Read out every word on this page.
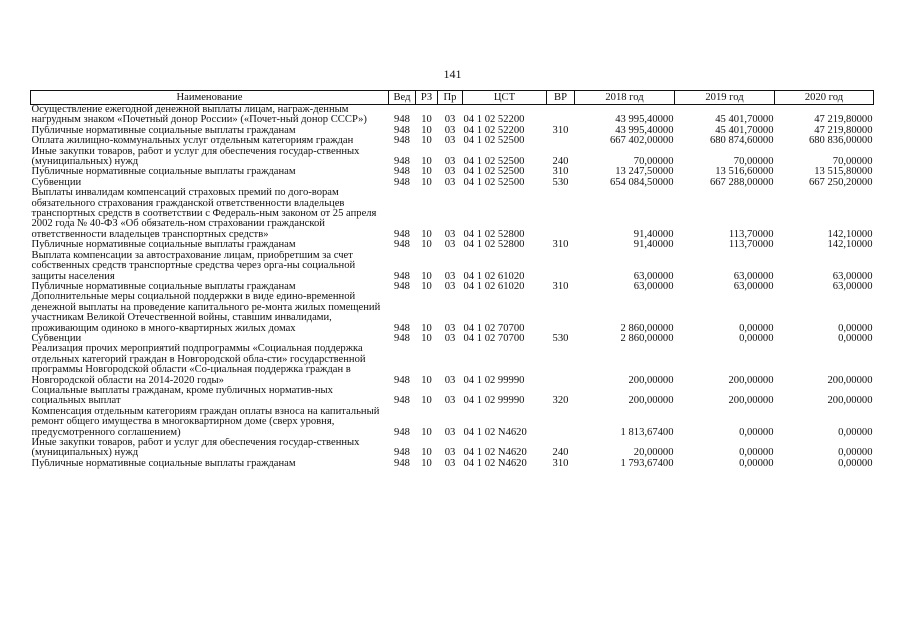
141
Наименование	Вед	РЗ	Пр	ЦСТ	ВР	2018 год	2019 год	2020 год
Осуществление ежегодной денежной выплаты лицам, награж-денным нагрудным знаком «Почетный донор России» («Почет-ный донор СССР»)	948	10	03	04 1 02 52200		43 995,40000	45 401,70000	47 219,80000
Публичные нормативные социальные выплаты гражданам	948	10	03	04 1 02 52200	310	43 995,40000	45 401,70000	47 219,80000
Оплата жилищно-коммунальных услуг отдельным категориям граждан	948	10	03	04 1 02 52500		667 402,00000	680 874,60000	680 836,00000
Иные закупки товаров, работ и услуг для обеспечения государ-ственных (муниципальных) нужд	948	10	03	04 1 02 52500	240	70,00000	70,00000	70,00000
Публичные нормативные социальные выплаты гражданам	948	10	03	04 1 02 52500	310	13 247,50000	13 516,60000	13 515,80000
Субвенции	948	10	03	04 1 02 52500	530	654 084,50000	667 288,00000	667 250,20000
Выплаты инвалидам компенсаций страховых премий по дого-ворам обязательного страхования гражданской ответственности владельцев транспортных средств в соответствии с Федераль-ным законом от 25 апреля 2002 года № 40-ФЗ «Об обязатель-ном страховании гражданской ответственности владельцев транспортных средств»	948	10	03	04 1 02 52800		91,40000	113,70000	142,10000
Публичные нормативные социальные выплаты гражданам	948	10	03	04 1 02 52800	310	91,40000	113,70000	142,10000
Выплата компенсации за автострахование лицам, приобретшим за счет собственных средств транспортные средства через орга-ны социальной защиты населения	948	10	03	04 1 02 61020		63,00000	63,00000	63,00000
Публичные нормативные социальные выплаты гражданам	948	10	03	04 1 02 61020	310	63,00000	63,00000	63,00000
Дополнительные меры социальной поддержки в виде едино-временной денежной выплаты на проведение капитального ре-монта жилых помещений участникам Великой Отечественной войны, ставшим инвалидами, проживающим одиноко в много-квартирных жилых домах	948	10	03	04 1 02 70700		2 860,00000	0,00000	0,00000
Субвенции	948	10	03	04 1 02 70700	530	2 860,00000	0,00000	0,00000
Реализация прочих мероприятий подпрограммы «Социальная поддержка отдельных категорий граждан в Новгородской обла-сти» государственной программы Новгородской области «Со-циальная поддержка граждан в Новгородской области на 2014-2020 годы»	948	10	03	04 1 02 99990		200,00000	200,00000	200,00000
Социальные выплаты гражданам, кроме публичных норматив-ных социальных выплат	948	10	03	04 1 02 99990	320	200,00000	200,00000	200,00000
Компенсация отдельным категориям граждан оплаты взноса на капитальный ремонт общего имущества в многоквартирном доме (сверх уровня, предусмотренного соглашением)	948	10	03	04 1 02 N4620		1 813,67400	0,00000	0,00000
Иные закупки товаров, работ и услуг для обеспечения государ-ственных (муниципальных) нужд	948	10	03	04 1 02 N4620	240	20,00000	0,00000	0,00000
Публичные нормативные социальные выплаты гражданам	948	10	03	04 1 02 N4620	310	1 793,67400	0,00000	0,00000
